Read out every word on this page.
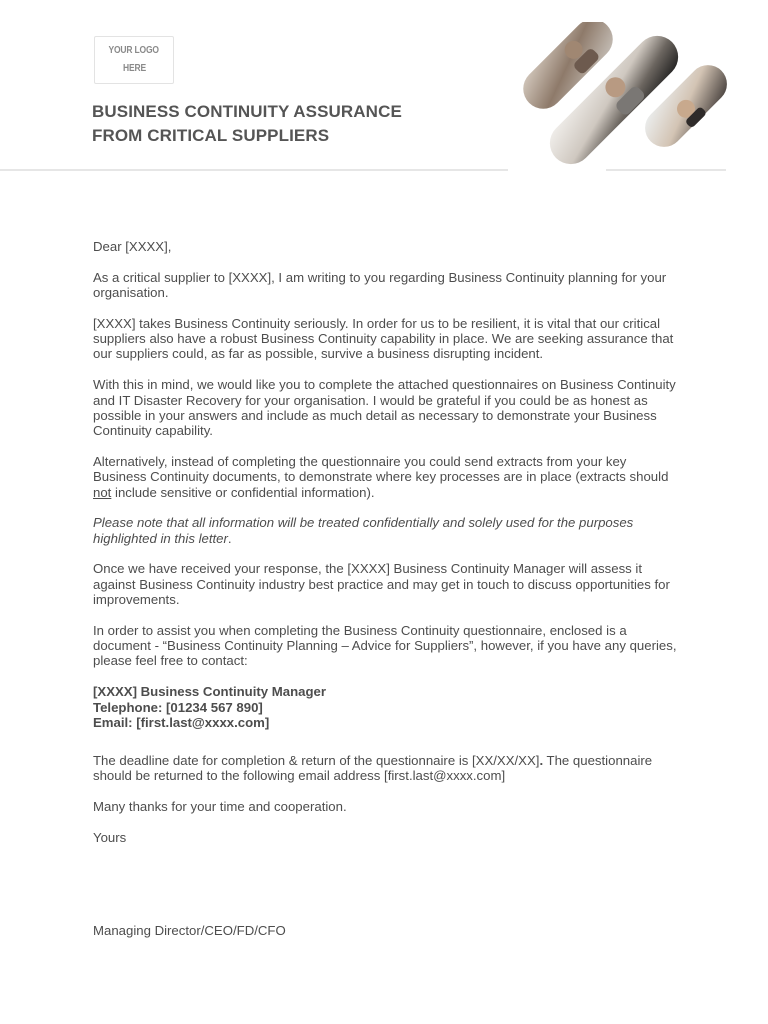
YOUR LOGO
HERE
BUSINESS CONTINUITY ASSURANCE
FROM CRITICAL SUPPLIERS

Dear [XXXX],

As a critical supplier to [XXXX], I am writing to you regarding Business Continuity planning for your organisation.

[XXXX] takes Business Continuity seriously. In order for us to be resilient, it is vital that our critical suppliers also have a robust Business Continuity capability in place. We are seeking assurance that our suppliers could, as far as possible, survive a business disrupting incident.

With this in mind, we would like you to complete the attached questionnaires on Business Continuity and IT Disaster Recovery for your organisation. I would be grateful if you could be as honest as possible in your answers and include as much detail as necessary to demonstrate your Business Continuity capability.

Alternatively, instead of completing the questionnaire you could send extracts from your key Business Continuity documents, to demonstrate where key processes are in place (extracts should not include sensitive or confidential information).

Please note that all information will be treated confidentially and solely used for the purposes highlighted in this letter.

Once we have received your response, the [XXXX] Business Continuity Manager will assess it against Business Continuity industry best practice and may get in touch to discuss opportunities for improvements.

In order to assist you when completing the Business Continuity questionnaire, enclosed is a document - “Business Continuity Planning – Advice for Suppliers”, however, if you have any queries, please feel free to contact:

[XXXX] Business Continuity Manager

Telephone: [01234 567 890]

Email: [first.last@xxxx.com]

The deadline date for completion & return of the questionnaire is [XX/XX/XX]. The questionnaire should be returned to the following email address [first.last@xxxx.com]

Many thanks for your time and cooperation.

Yours

Managing Director/CEO/FD/CFO
